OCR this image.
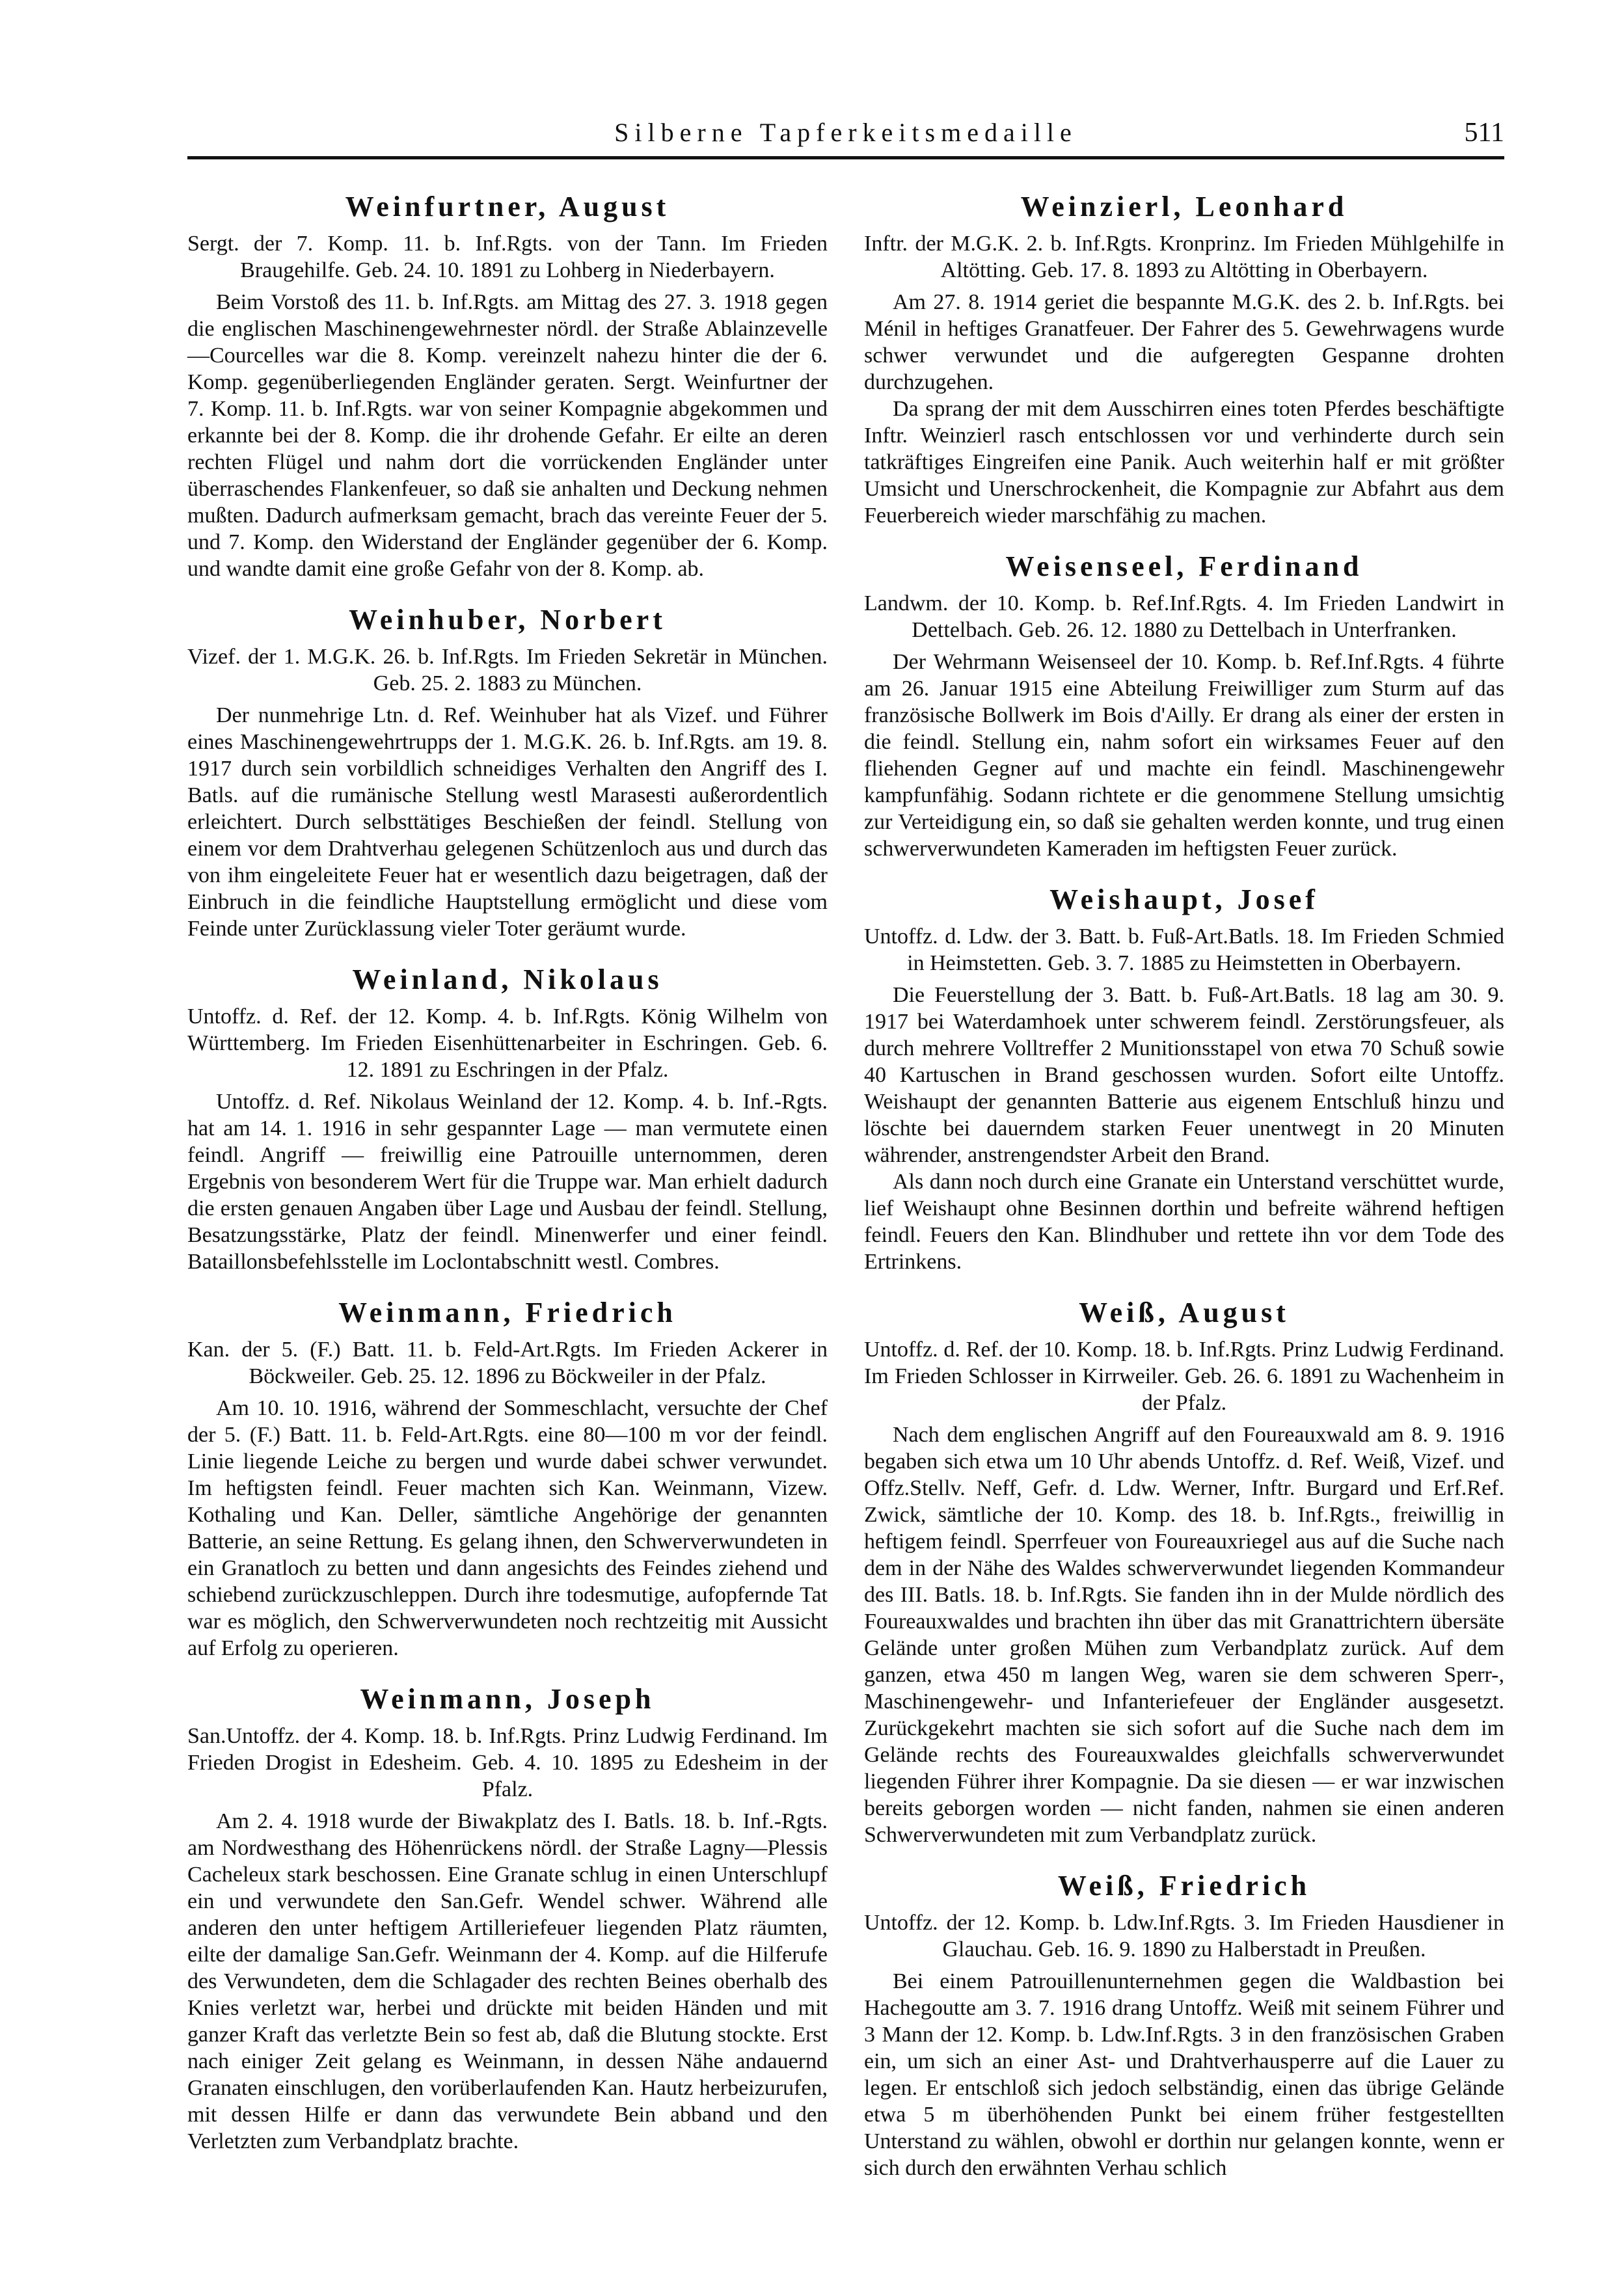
Silberne Tapferkeitsmedaille	511
Weinfurtner, August

Sergt. der 7. Komp. 11. b. Inf.Rgts. von der Tann. Im Frieden Braugehilfe. Geb. 24. 10. 1891 zu Lohberg in Niederbayern.

Beim Vorstoß des 11. b. Inf.Rgts. am Mittag des 27. 3. 1918 gegen die englischen Maschinengewehrnester nördl. der Straße Ablainzevelle—Courcelles war die 8. Komp. vereinzelt nahezu hinter die der 6. Komp. gegenüberliegenden Engländer geraten. Sergt. Weinfurtner der 7. Komp. 11. b. Inf.Rgts. war von seiner Kompagnie abgekommen und erkannte bei der 8. Komp. die ihr drohende Gefahr. Er eilte an deren rechten Flügel und nahm dort die vorrückenden Engländer unter überraschendes Flankenfeuer, so daß sie anhalten und Deckung nehmen mußten. Dadurch aufmerksam gemacht, brach das vereinte Feuer der 5. und 7. Komp. den Widerstand der Engländer gegenüber der 6. Komp. und wandte damit eine große Gefahr von der 8. Komp. ab.

Weinhuber, Norbert

Vizef. der 1. M.G.K. 26. b. Inf.Rgts. Im Frieden Sekretär in München. Geb. 25. 2. 1883 zu München.

Der nunmehrige Ltn. d. Ref. Weinhuber hat als Vizef. und Führer eines Maschinengewehrtrupps der 1. M.G.K. 26. b. Inf.Rgts. am 19. 8. 1917 durch sein vorbildlich schneidiges Verhalten den Angriff des I. Batls. auf die rumänische Stellung westl Marasesti außerordentlich erleichtert. Durch selbsttätiges Beschießen der feindl. Stellung von einem vor dem Drahtverhau gelegenen Schützenloch aus und durch das von ihm eingeleitete Feuer hat er wesentlich dazu beigetragen, daß der Einbruch in die feindliche Hauptstellung ermöglicht und diese vom Feinde unter Zurücklassung vieler Toter geräumt wurde.

Weinland, Nikolaus

Untoffz. d. Ref. der 12. Komp. 4. b. Inf.Rgts. König Wilhelm von Württemberg. Im Frieden Eisenhüttenarbeiter in Eschringen. Geb. 6. 12. 1891 zu Eschringen in der Pfalz.

Untoffz. d. Ref. Nikolaus Weinland der 12. Komp. 4. b. Inf.-Rgts. hat am 14. 1. 1916 in sehr gespannter Lage — man vermutete einen feindl. Angriff — freiwillig eine Patrouille unternommen, deren Ergebnis von besonderem Wert für die Truppe war. Man erhielt dadurch die ersten genauen Angaben über Lage und Ausbau der feindl. Stellung, Besatzungsstärke, Platz der feindl. Minenwerfer und einer feindl. Bataillonsbefehlsstelle im Loclontabschnitt westl. Combres.

Weinmann, Friedrich

Kan. der 5. (F.) Batt. 11. b. Feld-Art.Rgts. Im Frieden Ackerer in Böckweiler. Geb. 25. 12. 1896 zu Böckweiler in der Pfalz.

Am 10. 10. 1916, während der Sommeschlacht, versuchte der Chef der 5. (F.) Batt. 11. b. Feld-Art.Rgts. eine 80—100 m vor der feindl. Linie liegende Leiche zu bergen und wurde dabei schwer verwundet. Im heftigsten feindl. Feuer machten sich Kan. Weinmann, Vizew. Kothaling und Kan. Deller, sämtliche Angehörige der genannten Batterie, an seine Rettung. Es gelang ihnen, den Schwerverwundeten in ein Granatloch zu betten und dann angesichts des Feindes ziehend und schiebend zurückzuschleppen. Durch ihre todesmutige, aufopfernde Tat war es möglich, den Schwerverwundeten noch rechtzeitig mit Aussicht auf Erfolg zu operieren.

Weinmann, Joseph

San.Untoffz. der 4. Komp. 18. b. Inf.Rgts. Prinz Ludwig Ferdinand. Im Frieden Drogist in Edesheim. Geb. 4. 10. 1895 zu Edesheim in der Pfalz.

Am 2. 4. 1918 wurde der Biwakplatz des I. Batls. 18. b. Inf.-Rgts. am Nordwesthang des Höhenrückens nördl. der Straße Lagny—Plessis Cacheleux stark beschossen. Eine Granate schlug in einen Unterschlupf ein und verwundete den San.Gefr. Wendel schwer. Während alle anderen den unter heftigem Artilleriefeuer liegenden Platz räumten, eilte der damalige San.Gefr. Weinmann der 4. Komp. auf die Hilferufe des Verwundeten, dem die Schlagader des rechten Beines oberhalb des Knies verletzt war, herbei und drückte mit beiden Händen und mit ganzer Kraft das verletzte Bein so fest ab, daß die Blutung stockte. Erst nach einiger Zeit gelang es Weinmann, in dessen Nähe andauernd Granaten einschlugen, den vorüberlaufenden Kan. Hautz herbeizurufen, mit dessen Hilfe er dann das verwundete Bein abband und den Verletzten zum Verbandplatz brachte.

Weinzierl, Leonhard

Inftr. der M.G.K. 2. b. Inf.Rgts. Kronprinz. Im Frieden Mühlgehilfe in Altötting. Geb. 17. 8. 1893 zu Altötting in Oberbayern.

Am 27. 8. 1914 geriet die bespannte M.G.K. des 2. b. Inf.Rgts. bei Ménil in heftiges Granatfeuer. Der Fahrer des 5. Gewehrwagens wurde schwer verwundet und die aufgeregten Gespanne drohten durchzugehen.

Da sprang der mit dem Ausschirren eines toten Pferdes beschäftigte Inftr. Weinzierl rasch entschlossen vor und verhinderte durch sein tatkräftiges Eingreifen eine Panik. Auch weiterhin half er mit größter Umsicht und Unerschrockenheit, die Kompagnie zur Abfahrt aus dem Feuerbereich wieder marschfähig zu machen.

Weisenseel, Ferdinand

Landwm. der 10. Komp. b. Ref.Inf.Rgts. 4. Im Frieden Landwirt in Dettelbach. Geb. 26. 12. 1880 zu Dettelbach in Unterfranken.

Der Wehrmann Weisenseel der 10. Komp. b. Ref.Inf.Rgts. 4 führte am 26. Januar 1915 eine Abteilung Freiwilliger zum Sturm auf das französische Bollwerk im Bois d'Ailly. Er drang als einer der ersten in die feindl. Stellung ein, nahm sofort ein wirksames Feuer auf den fliehenden Gegner auf und machte ein feindl. Maschinengewehr kampfunfähig. Sodann richtete er die genommene Stellung umsichtig zur Verteidigung ein, so daß sie gehalten werden konnte, und trug einen schwerverwundeten Kameraden im heftigsten Feuer zurück.

Weishaupt, Josef

Untoffz. d. Ldw. der 3. Batt. b. Fuß-Art.Batls. 18. Im Frieden Schmied in Heimstetten. Geb. 3. 7. 1885 zu Heimstetten in Oberbayern.

Die Feuerstellung der 3. Batt. b. Fuß-Art.Batls. 18 lag am 30. 9. 1917 bei Waterdamhoek unter schwerem feindl. Zerstörungsfeuer, als durch mehrere Volltreffer 2 Munitionsstapel von etwa 70 Schuß sowie 40 Kartuschen in Brand geschossen wurden. Sofort eilte Untoffz. Weishaupt der genannten Batterie aus eigenem Entschluß hinzu und löschte bei dauerndem starken Feuer unentwegt in 20 Minuten währender, anstrengendster Arbeit den Brand.

Als dann noch durch eine Granate ein Unterstand verschüttet wurde, lief Weishaupt ohne Besinnen dorthin und befreite während heftigen feindl. Feuers den Kan. Blindhuber und rettete ihn vor dem Tode des Ertrinkens.

Weiß, August

Untoffz. d. Ref. der 10. Komp. 18. b. Inf.Rgts. Prinz Ludwig Ferdinand. Im Frieden Schlosser in Kirrweiler. Geb. 26. 6. 1891 zu Wachenheim in der Pfalz.

Nach dem englischen Angriff auf den Foureauxwald am 8. 9. 1916 begaben sich etwa um 10 Uhr abends Untoffz. d. Ref. Weiß, Vizef. und Offz.Stellv. Neff, Gefr. d. Ldw. Werner, Inftr. Burgard und Erf.Ref. Zwick, sämtliche der 10. Komp. des 18. b. Inf.Rgts., freiwillig in heftigem feindl. Sperrfeuer von Foureauxriegel aus auf die Suche nach dem in der Nähe des Waldes schwerverwundet liegenden Kommandeur des III. Batls. 18. b. Inf.Rgts. Sie fanden ihn in der Mulde nördlich des Foureauxwaldes und brachten ihn über das mit Granattrichtern übersäte Gelände unter großen Mühen zum Verbandplatz zurück. Auf dem ganzen, etwa 450 m langen Weg, waren sie dem schweren Sperr-, Maschinengewehr- und Infanteriefeuer der Engländer ausgesetzt. Zurückgekehrt machten sie sich sofort auf die Suche nach dem im Gelände rechts des Foureauxwaldes gleichfalls schwerverwundet liegenden Führer ihrer Kompagnie. Da sie diesen — er war inzwischen bereits geborgen worden — nicht fanden, nahmen sie einen anderen Schwerverwundeten mit zum Verbandplatz zurück.

Weiß, Friedrich

Untoffz. der 12. Komp. b. Ldw.Inf.Rgts. 3. Im Frieden Hausdiener in Glauchau. Geb. 16. 9. 1890 zu Halberstadt in Preußen.

Bei einem Patrouillenunternehmen gegen die Waldbastion bei Hachegoutte am 3. 7. 1916 drang Untoffz. Weiß mit seinem Führer und 3 Mann der 12. Komp. b. Ldw.Inf.Rgts. 3 in den französischen Graben ein, um sich an einer Ast- und Drahtverhausperre auf die Lauer zu legen. Er entschloß sich jedoch selbständig, einen das übrige Gelände etwa 5 m überhöhenden Punkt bei einem früher festgestellten Unterstand zu wählen, obwohl er dorthin nur gelangen konnte, wenn er sich durch den erwähnten Verhau schlich
